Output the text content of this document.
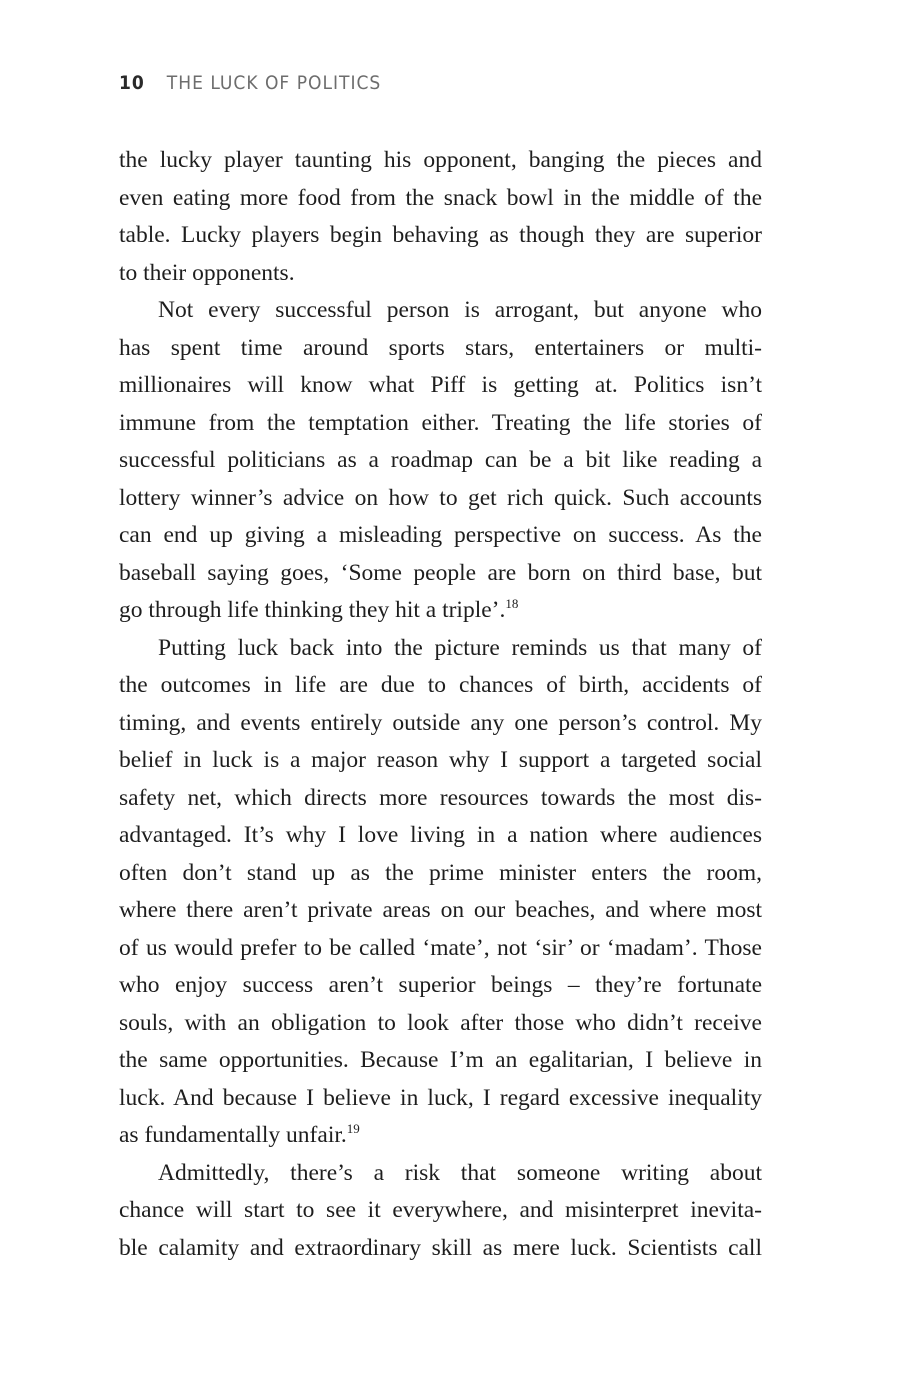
10 THE LUCK OF POLITICS
the lucky player taunting his opponent, banging the pieces and
even eating more food from the snack bowl in the middle of the
table. Lucky players begin behaving as though they are superior
to their opponents.
Not every successful person is arrogant, but anyone who
has spent time around sports stars, entertainers or multi-
millionaires will know what Piff is getting at. Politics isn’t
immune from the temptation either. Treating the life stories of
successful politicians as a roadmap can be a bit like reading a
lottery winner’s advice on how to get rich quick. Such accounts
can end up giving a misleading perspective on success. As the
baseball saying goes, ‘Some people are born on third base, but
go through life thinking they hit a triple’.$^{18}$
Putting luck back into the picture reminds us that many of
the outcomes in life are due to chances of birth, accidents of
timing, and events entirely outside any one person’s control. My
belief in luck is a major reason why I support a targeted social
safety net, which directs more resources towards the most dis-
advantaged. It’s why I love living in a nation where audiences
often don’t stand up as the prime minister enters the room,
where there aren’t private areas on our beaches, and where most
of us would prefer to be called ‘mate’, not ‘sir’ or ‘madam’. Those
who enjoy success aren’t superior beings – they’re fortunate
souls, with an obligation to look after those who didn’t receive
the same opportunities. Because I’m an egalitarian, I believe in
luck. And because I believe in luck, I regard excessive inequality
as fundamentally unfair.$^{19}$
Admittedly, there’s a risk that someone writing about
chance will start to see it everywhere, and misinterpret inevita-
ble calamity and extraordinary skill as mere luck. Scientists call
